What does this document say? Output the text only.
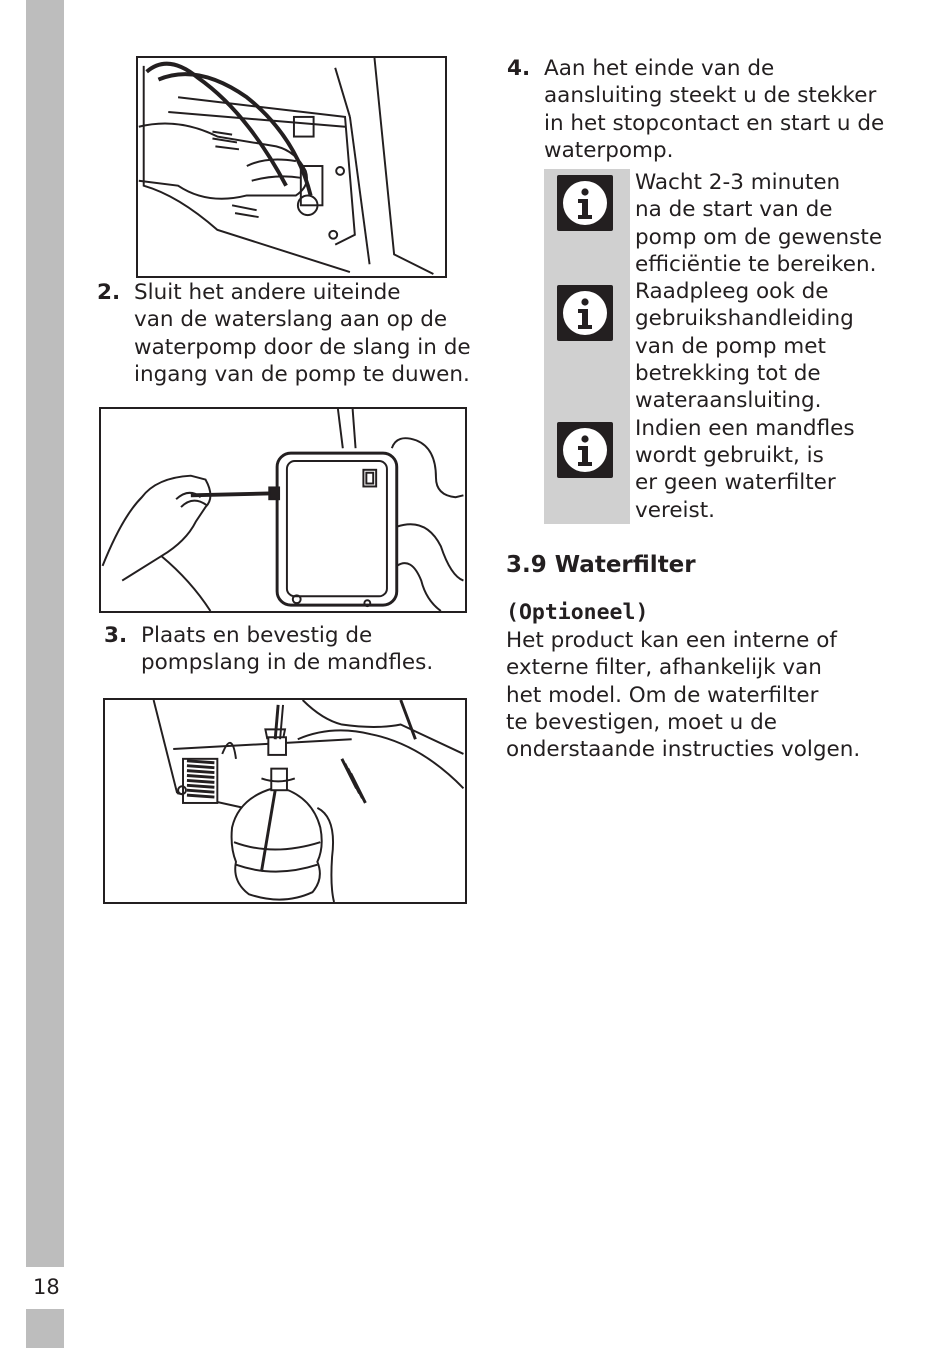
18
2. Sluit het andere uiteinde
van de waterslang aan op de
waterpomp door de slang in de
ingang van de pomp te duwen.
3. Plaats en bevestig de
pompslang in de mandfles.
4. Aan het einde van de
aansluiting steekt u de stekker
in het stopcontact en start u de
waterpomp.
Wacht 2-3 minuten
na de start van de
pomp om de gewenste
efficiëntie te bereiken.
Raadpleeg ook de
gebruikshandleiding
van de pomp met
betrekking tot de
wateraansluiting.
Indien een mandfles
wordt gebruikt, is
er geen waterfilter
vereist.
3.9 Waterfilter
(Optioneel)
Het product kan een interne of
externe filter, afhankelijk van
het model. Om de waterfilter
te bevestigen, moet u de
onderstaande instructies volgen.
